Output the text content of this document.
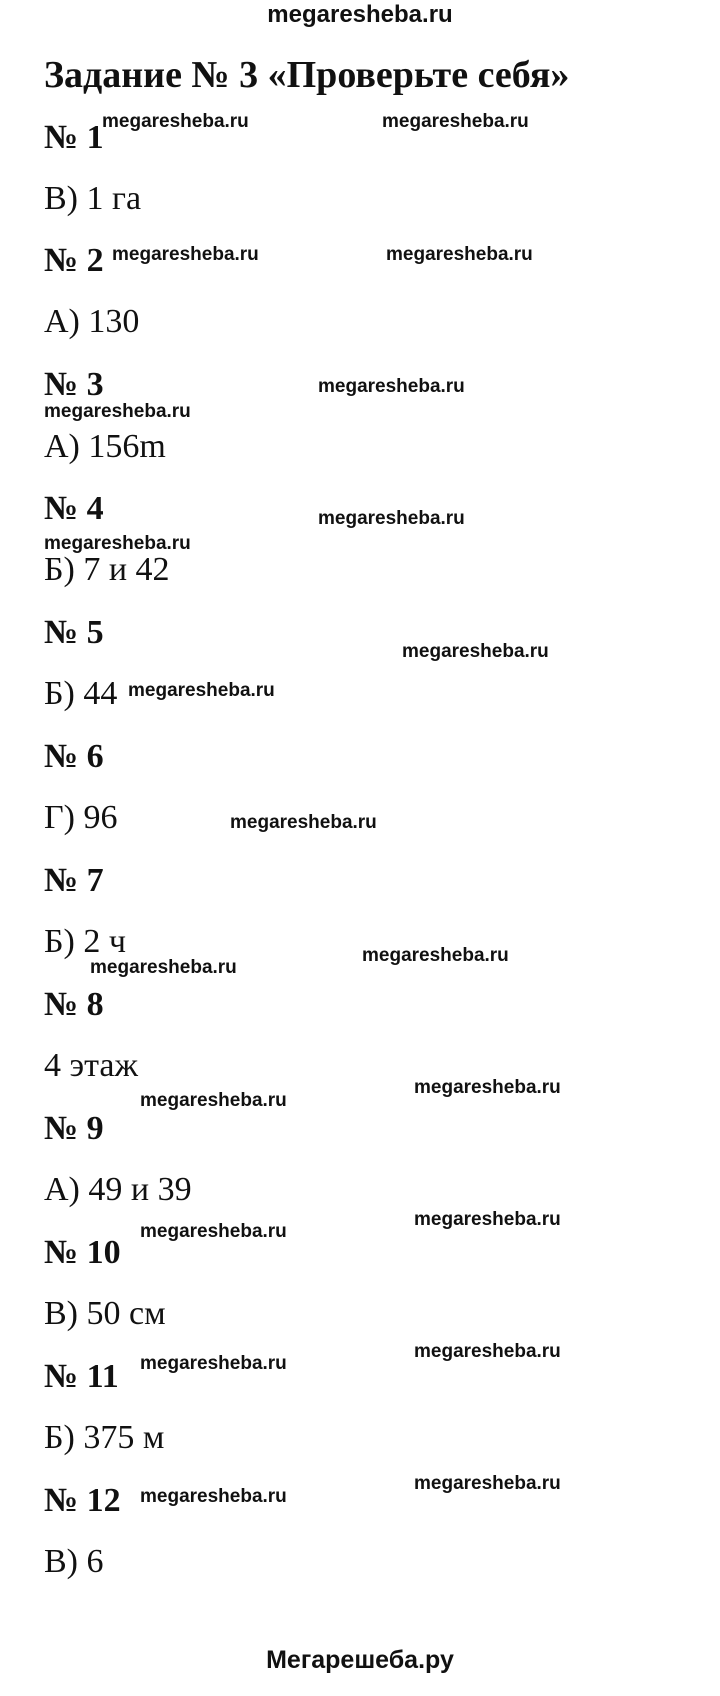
megaresheba.ru
Задание № 3 «Проверьте себя»
№ 1
В) 1 га
№ 2
А) 130
№ 3
А) 156m
№ 4
Б) 7 и 42
№ 5
Б) 44
№ 6
Г) 96
№ 7
Б) 2 ч
№ 8
4 этаж
№ 9
А) 49 и 39
№ 10
В) 50 см
№ 11
Б) 375 м
№ 12
В) 6
megaresheba.ru	megaresheba.ru
megaresheba.ru	megaresheba.ru
megaresheba.ru
megaresheba.ru
megaresheba.ru
megaresheba.ru
megaresheba.ru
megaresheba.ru
megaresheba.ru
megaresheba.ru
megaresheba.ru
megaresheba.ru
megaresheba.ru
megaresheba.ru
megaresheba.ru
megaresheba.ru
megaresheba.ru
megaresheba.ru
megaresheba.ru
Мегарешеба.ру
